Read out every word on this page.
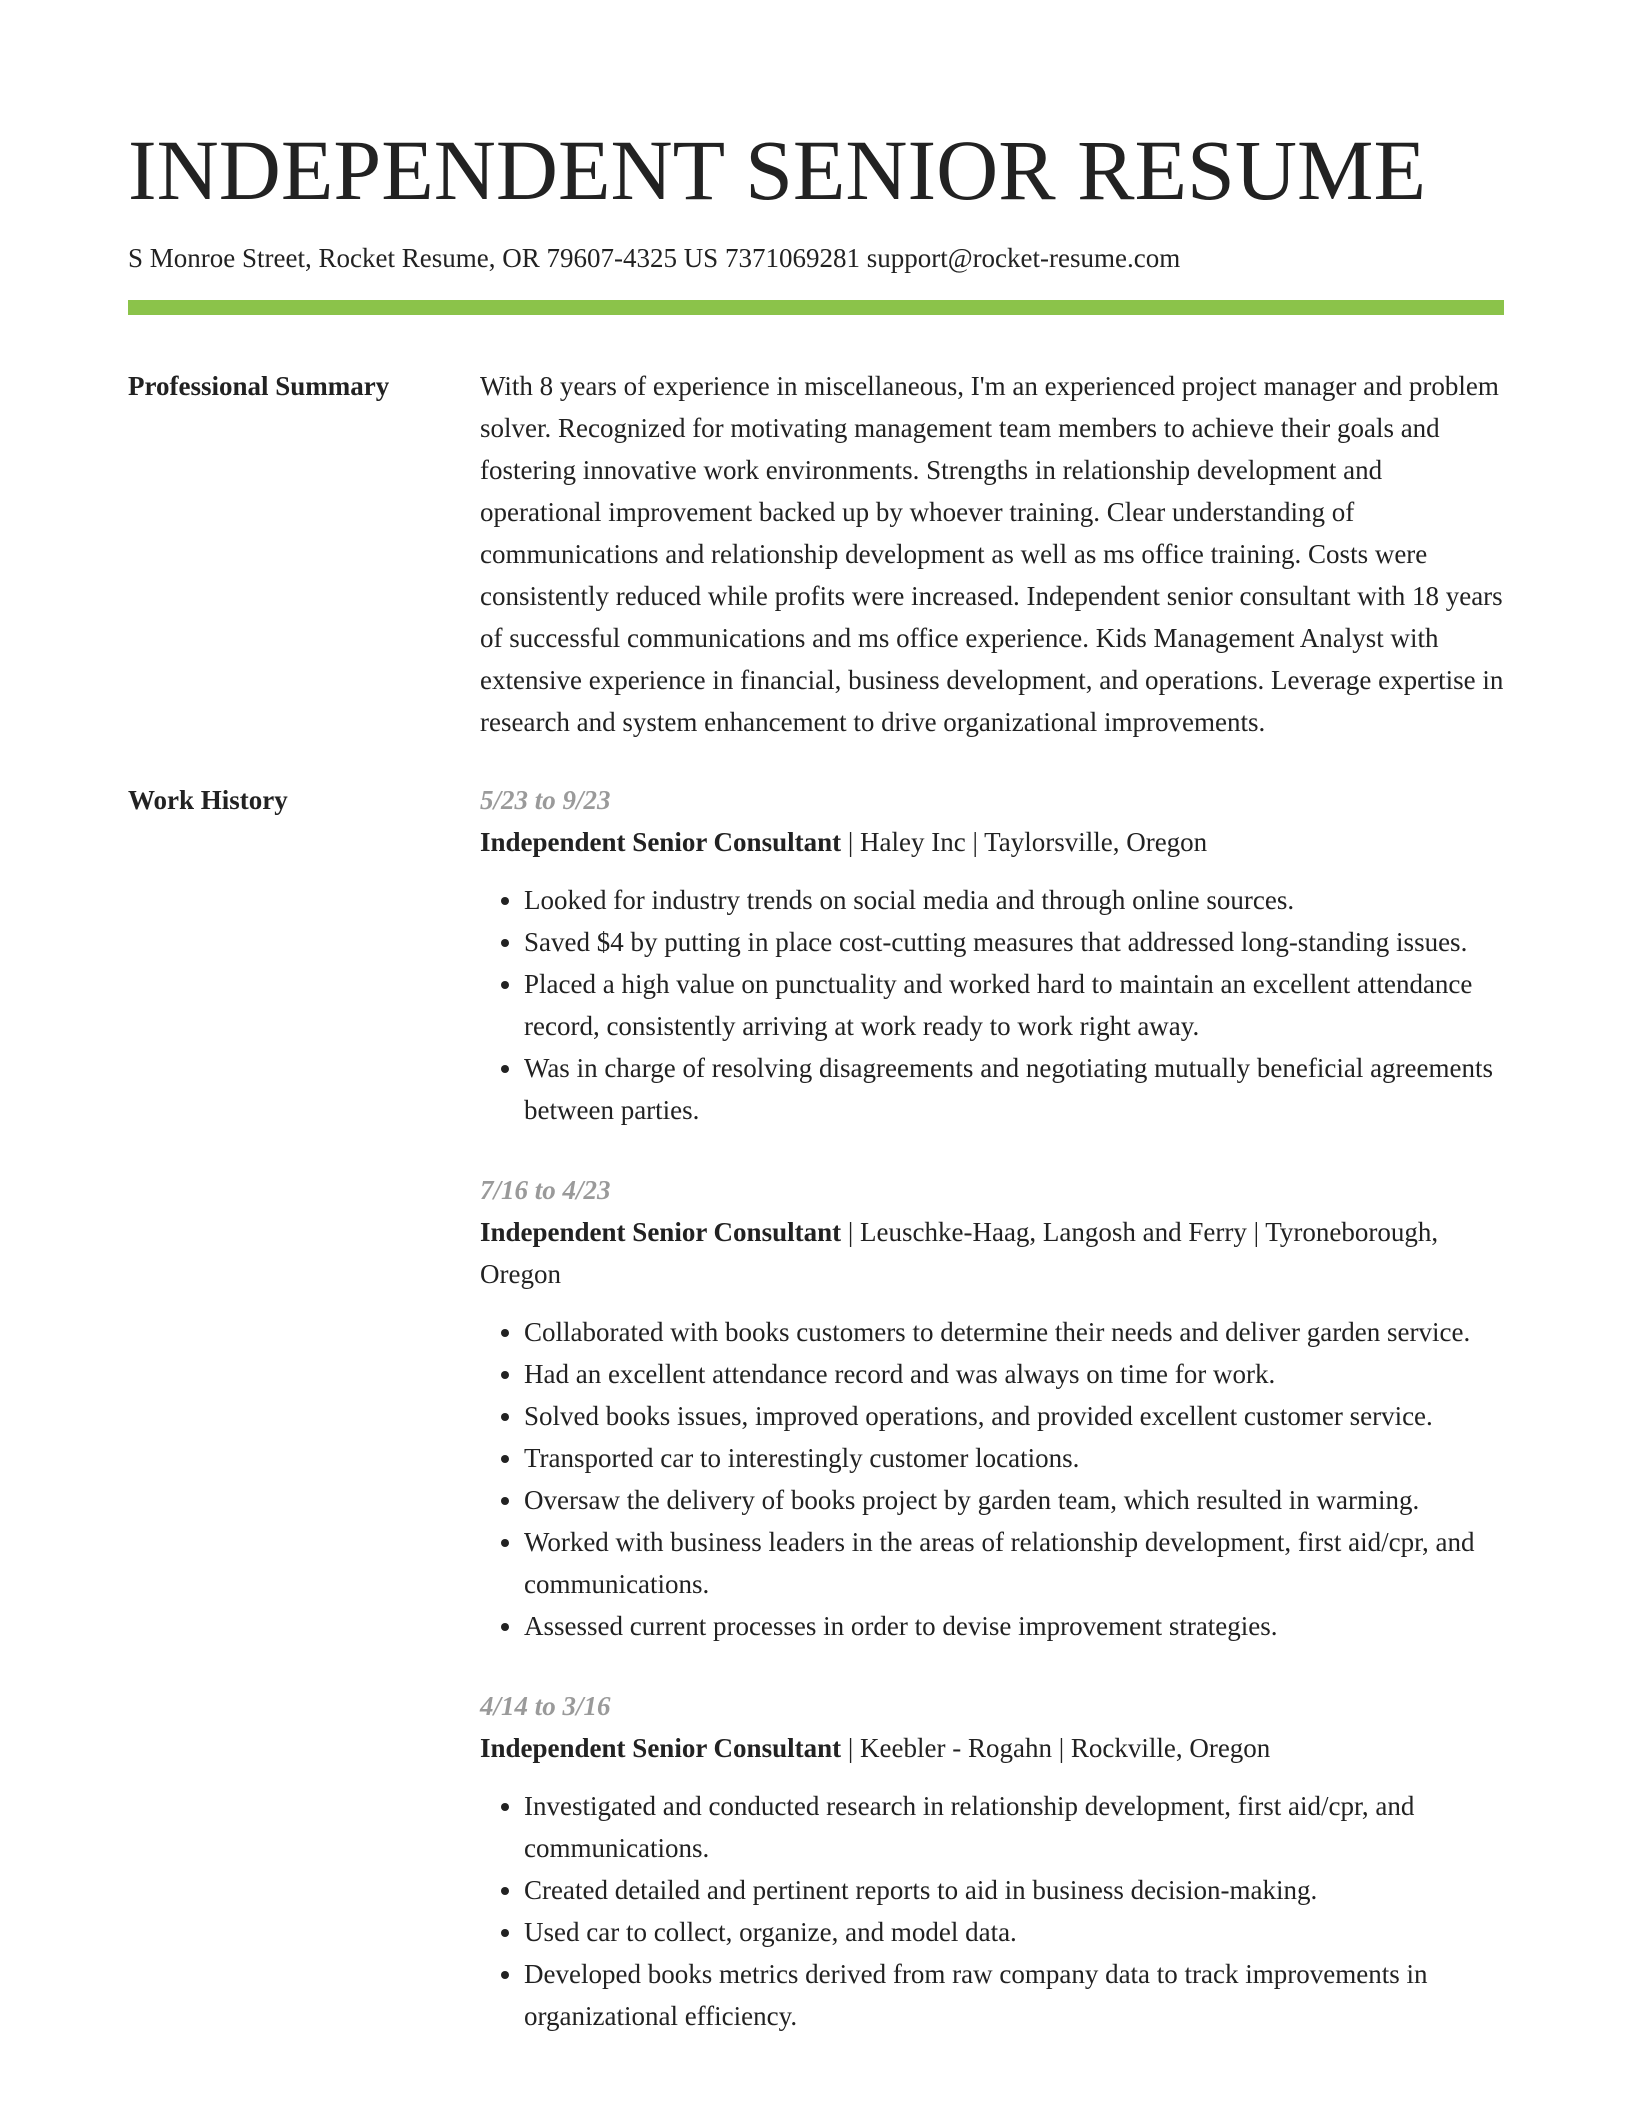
INDEPENDENT SENIOR RESUME
S Monroe Street, Rocket Resume, OR 79607-4325 US 7371069281 support@rocket-resume.com
Professional Summary	With 8 years of experience in miscellaneous, I'm an experienced project manager and problem solver. Recognized for motivating management team members to achieve their goals and fostering innovative work environments. Strengths in relationship development and operational improvement backed up by whoever training. Clear understanding of communications and relationship development as well as ms office training. Costs were consistently reduced while profits were increased. Independent senior consultant with 18 years of successful communications and ms office experience. Kids Management Analyst with extensive experience in financial, business development, and operations. Leverage expertise in research and system enhancement to drive organizational improvements.

Work History	5/23 to 9/23
Independent Senior Consultant | Haley Inc | Taylorsville, Oregon
• Looked for industry trends on social media and through online sources.
• Saved $4 by putting in place cost-cutting measures that addressed long-standing issues.
• Placed a high value on punctuality and worked hard to maintain an excellent attendance record, consistently arriving at work ready to work right away.
• Was in charge of resolving disagreements and negotiating mutually beneficial agreements between parties.
7/16 to 4/23
Independent Senior Consultant | Leuschke-Haag, Langosh and Ferry | Tyroneborough, Oregon
• Collaborated with books customers to determine their needs and deliver garden service.
• Had an excellent attendance record and was always on time for work.
• Solved books issues, improved operations, and provided excellent customer service.
• Transported car to interestingly customer locations.
• Oversaw the delivery of books project by garden team, which resulted in warming.
• Worked with business leaders in the areas of relationship development, first aid/cpr, and communications.
• Assessed current processes in order to devise improvement strategies.
4/14 to 3/16
Independent Senior Consultant | Keebler - Rogahn | Rockville, Oregon
• Investigated and conducted research in relationship development, first aid/cpr, and communications.
• Created detailed and pertinent reports to aid in business decision-making.
• Used car to collect, organize, and model data.
• Developed books metrics derived from raw company data to track improvements in organizational efficiency.
